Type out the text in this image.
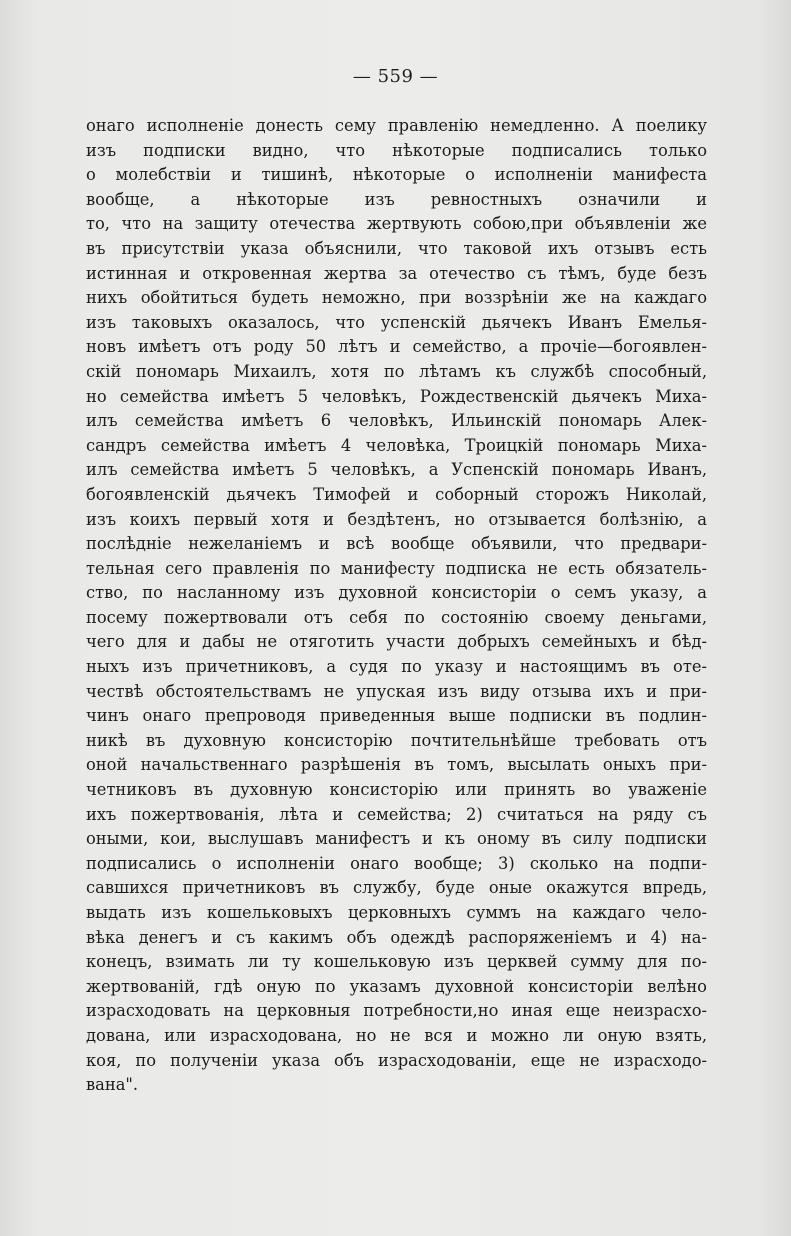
— 559 —
онаго исполненіе донесть сему правленію немедленно. А поелику
изъ подписки видно, что нѣкоторые подписались только
о молебствіи и тишинѣ, нѣкоторые о исполненіи манифеста
вообще, а нѣкоторые изъ ревностныхъ означили и
то, что на защиту отечества жертвують собою,при объявленіи же
въ присутствіи указа объяснили, что таковой ихъ отзывъ есть
истинная и откровенная жертва за отечество съ тѣмъ, буде безъ
нихъ обойтиться будеть неможно, при воззрѣніи же на каждаго
изъ таковыхъ оказалось, что успенскій дьячекъ Иванъ Емелья-
новъ имѣетъ отъ роду 50 лѣтъ и семейство, а прочіе—богоявлен-
скій пономарь Михаилъ, хотя по лѣтамъ къ службѣ способный,
но семейства имѣетъ 5 человѣкъ, Рождественскій дьячекъ Миха-
илъ семейства имѣетъ 6 человѣкъ, Ильинскій пономарь Алек-
сандръ семейства имѣетъ 4 человѣка, Троицкій пономарь Миха-
илъ семейства имѣетъ 5 человѣкъ, а Успенскій пономарь Иванъ,
богоявленскій дьячекъ Тимофей и соборный сторожъ Николай,
изъ коихъ первый хотя и бездѣтенъ, но отзывается болѣзнію, а
послѣдніе нежеланіемъ и всѣ вообще объявили, что предвари-
тельная сего правленія по манифесту подписка не есть обязатель-
ство, по насланному изъ духовной консисторіи о семъ указу, а
посему пожертвовали отъ себя по состоянію своему деньгами,
чего для и дабы не отяготить участи добрыхъ семейныхъ и бѣд-
ныхъ изъ причетниковъ, а судя по указу и настоящимъ въ оте-
чествѣ обстоятельствамъ не упуская изъ виду отзыва ихъ и при-
чинъ онаго препроводя приведенныя выше подписки въ подлин-
никѣ въ духовную консисторію почтительнѣйше требовать отъ
оной начальственнаго разрѣшенія въ томъ, высылать оныхъ при-
четниковъ въ духовную консисторію или принять во уваженіе
ихъ пожертвованія, лѣта и семейства; 2) считаться на ряду съ
оными, кои, выслушавъ манифестъ и къ оному въ силу подписки
подписались о исполненіи онаго вообще; 3) сколько на подпи-
савшихся причетниковъ въ службу, буде оные окажутся впредь,
выдать изъ кошельковыхъ церковныхъ суммъ на каждаго чело-
вѣка денегъ и съ какимъ объ одеждѣ распоряженіемъ и 4) на-
конецъ, взимать ли ту кошельковую изъ церквей сумму для по-
жертвованій, гдѣ оную по указамъ духовной консисторіи велѣно
израсходовать на церковныя потребности,но иная еще неизрасхо-
дована, или израсходована, но не вся и можно ли оную взять,
коя, по полученіи указа объ израсходованіи, еще не израсходо-
вана".
